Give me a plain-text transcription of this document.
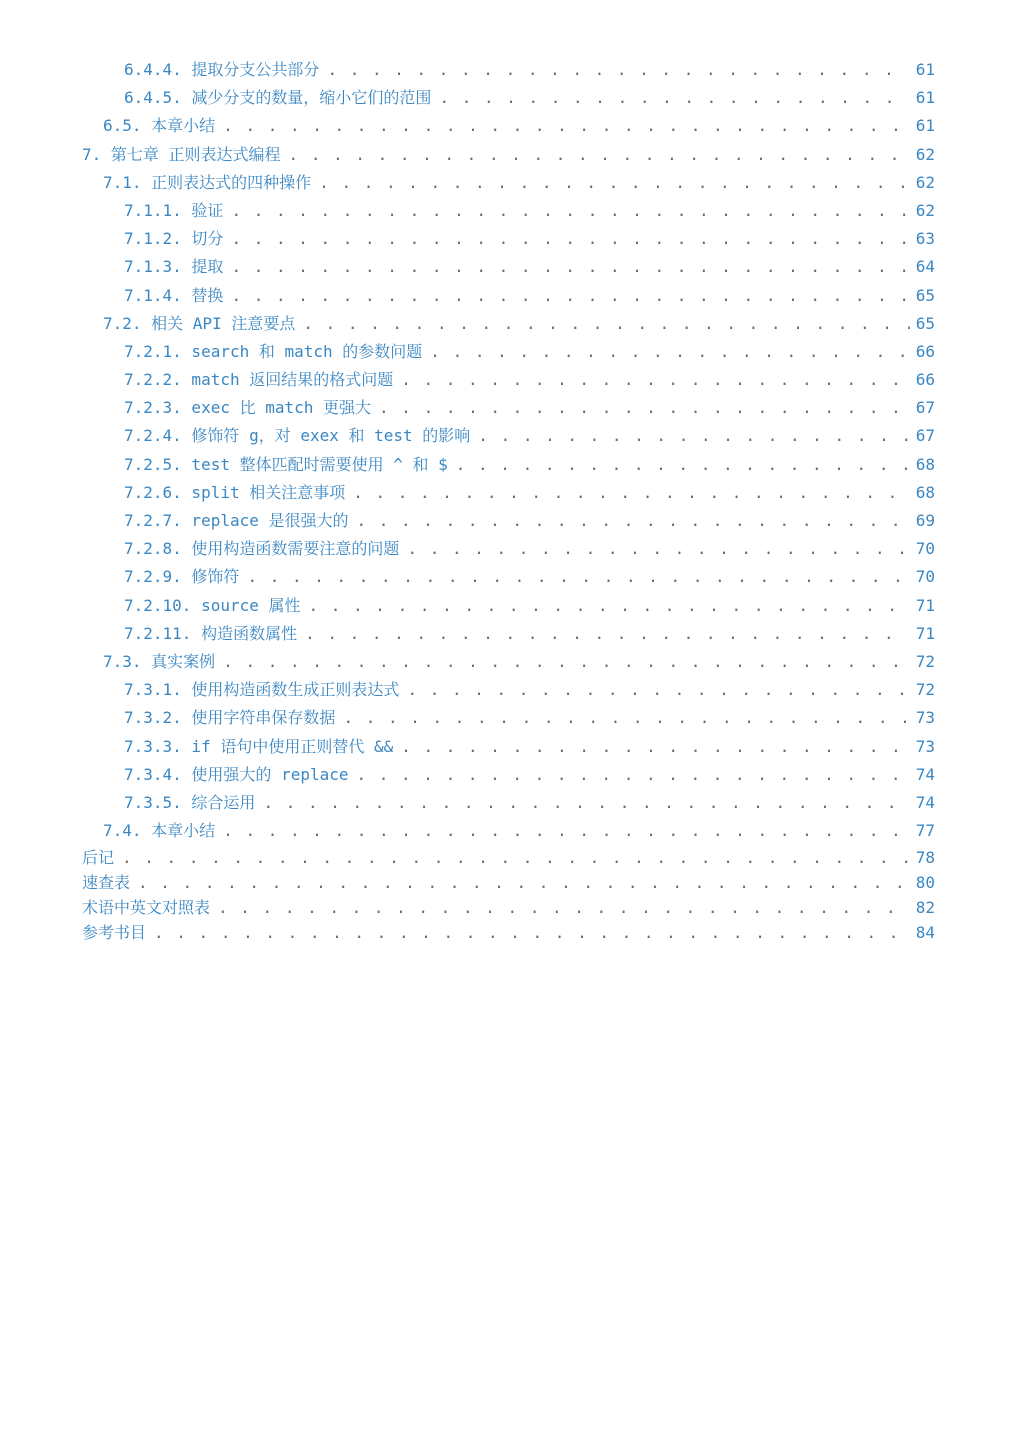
6.4.4. 提取分支公共部分 . . .	61
6.4.5. 减少分支的数量，缩小它们的范围 . . .	61
6.5. 本章小结 . . .	61
7. 第七章 正则表达式编程 . . .	62
7.1. 正则表达式的四种操作 . . .	62
7.1.1. 验证 . . .	62
7.1.2. 切分 . . .	63
7.1.3. 提取 . . .	64
7.1.4. 替换 . . .	65
7.2. 相关 API 注意要点 . . .	65
7.2.1. search 和 match 的参数问题 . . .	66
7.2.2. match 返回结果的格式问题 . . .	66
7.2.3. exec 比 match 更强大 . . .	67
7.2.4. 修饰符 g，对 exex 和 test 的影响 . . .	67
7.2.5. test 整体匹配时需要使用 ^ 和 $ . . .	68
7.2.6. split 相关注意事项 . . .	68
7.2.7. replace 是很强大的 . . .	69
7.2.8. 使用构造函数需要注意的问题 . . .	70
7.2.9. 修饰符 . . .	70
7.2.10. source 属性 . . .	71
7.2.11. 构造函数属性 . . .	71
7.3. 真实案例 . . .	72
7.3.1. 使用构造函数生成正则表达式 . . .	72
7.3.2. 使用字符串保存数据 . . .	73
7.3.3. if 语句中使用正则替代 && . . .	73
7.3.4. 使用强大的 replace . . .	74
7.3.5. 综合运用 . . .	74
7.4. 本章小结 . . .	77
后记 . . .	78
速查表 . . .	80
术语中英文对照表 . . .	82
参考书目 . . .	84
